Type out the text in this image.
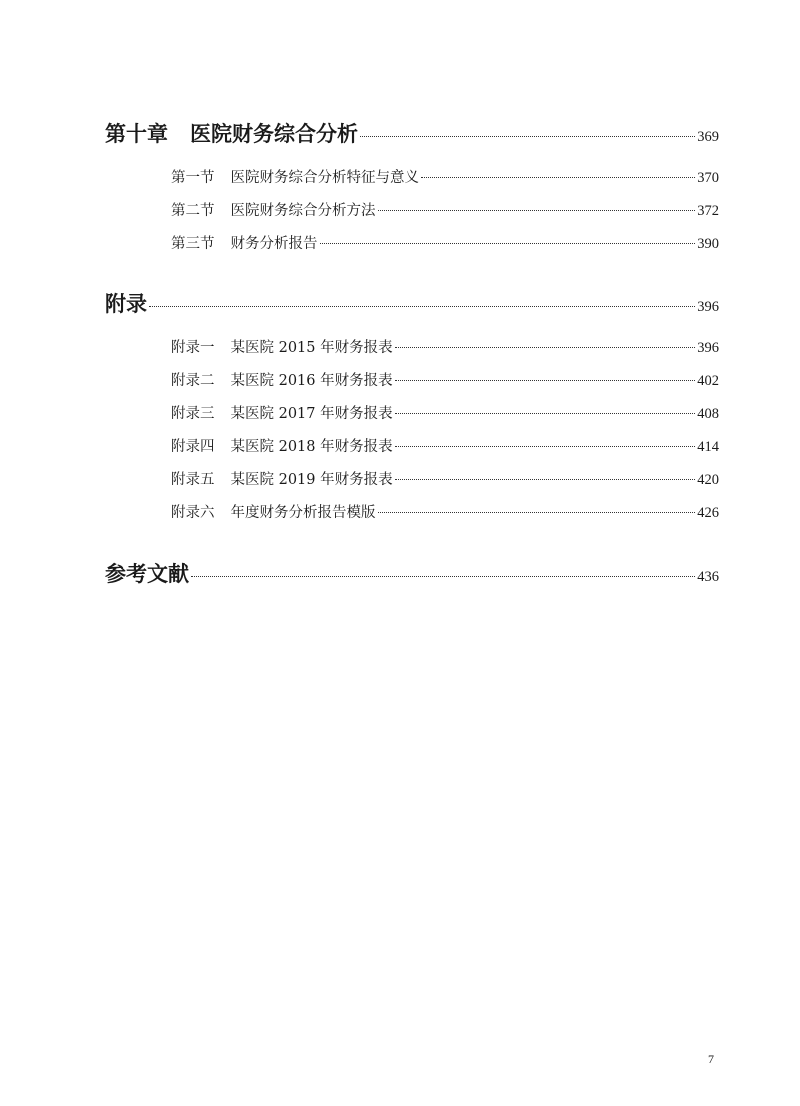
第十章 医院财务综合分析	369
第一节 医院财务综合分析特征与意义	370
第二节 医院财务综合分析方法	372
第三节 财务分析报告	390
附录	396
附录一 某医院 2015 年财务报表	396
附录二 某医院 2016 年财务报表	402
附录三 某医院 2017 年财务报表	408
附录四 某医院 2018 年财务报表	414
附录五 某医院 2019 年财务报表	420
附录六 年度财务分析报告模版	426
参考文献	436
7
